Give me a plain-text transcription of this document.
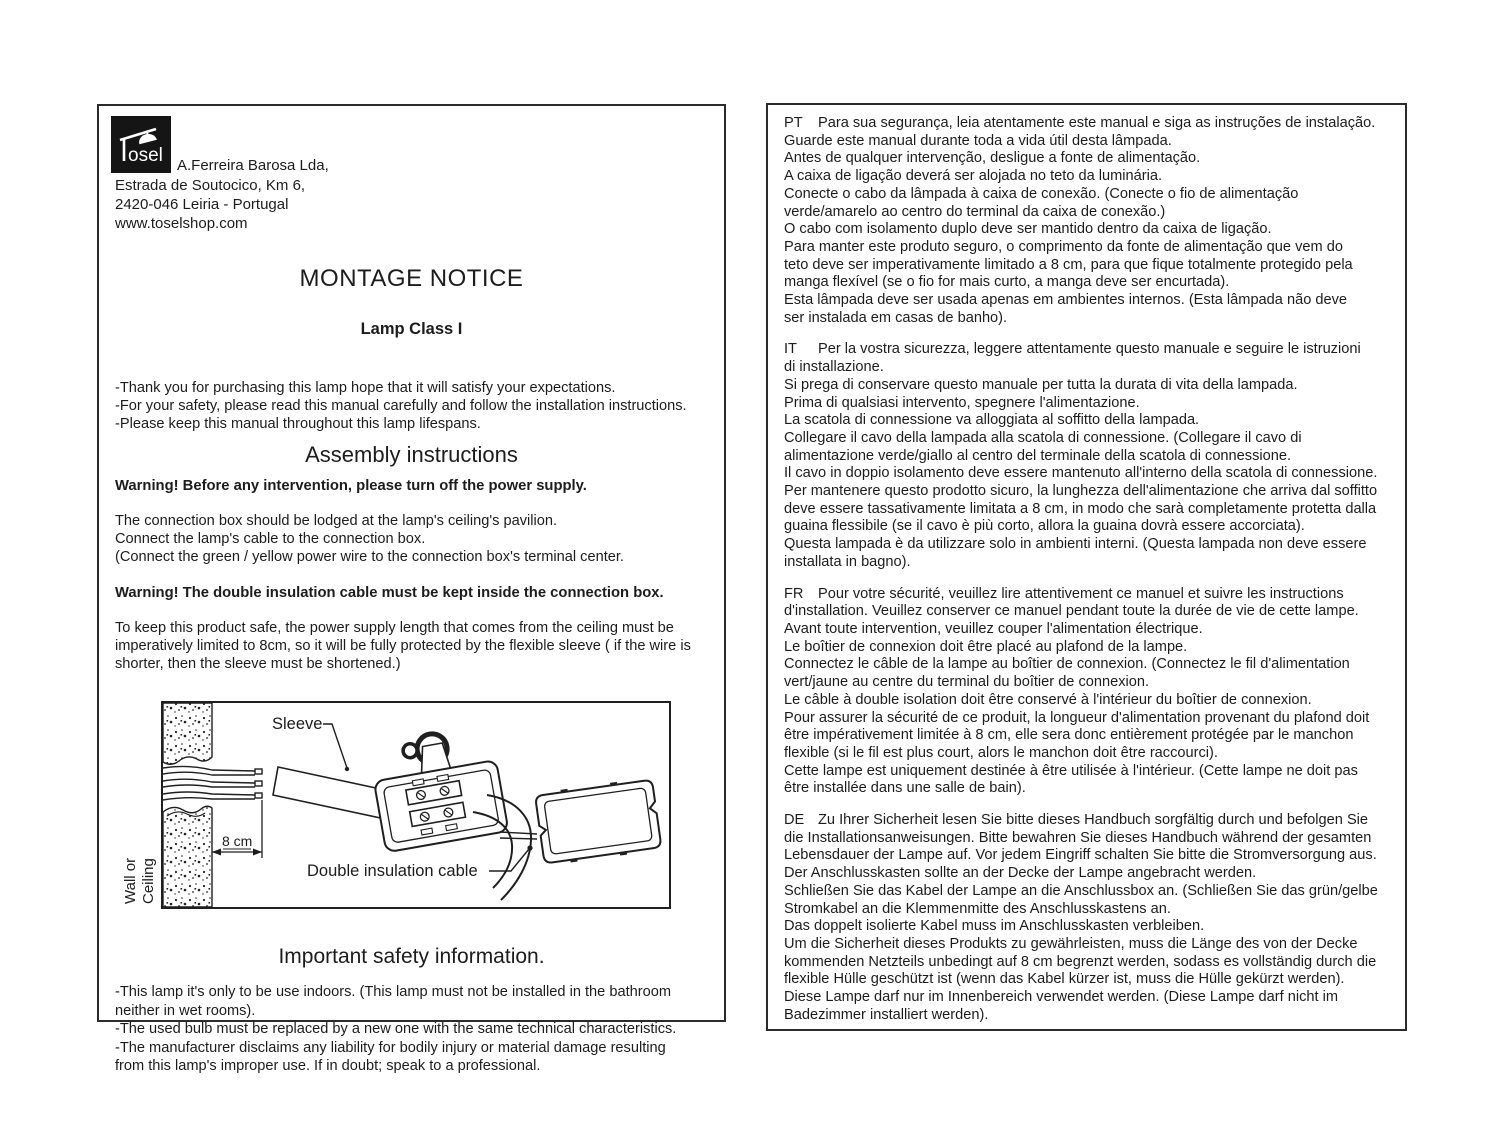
osel A.Ferreira Barosa Lda,
Estrada de Soutocico, Km 6,
2420-046 Leiria - Portugal
www.toselshop.com
MONTAGE NOTICE
Lamp Class I
-Thank you for purchasing this lamp hope that it will satisfy your expectations.
-For your safety, please read this manual carefully and follow the installation instructions.
-Please keep this manual throughout this lamp lifespans.
Assembly instructions
Warning! Before any intervention, please turn off the power supply.
The connection box should be lodged at the lamp's ceiling's pavilion.
Connect the lamp's cable to the connection box.
(Connect the green / yellow power wire to the connection box's terminal center.
Warning! The double insulation cable must be kept inside the connection box.
To keep this product safe, the power supply length that comes from the ceiling must be
imperatively limited to 8cm, so it will be fully protected by the flexible sleeve ( if the wire is
shorter, then the sleeve must be shortened.)
Wall or Ceiling
8 cm
Sleeve
Double insulation cable
Important safety information.
-This lamp it's only to be use indoors. (This lamp must not be installed in the bathroom
neither in wet rooms).
-The used bulb must be replaced by a new one with the same technical characteristics.
-The manufacturer disclaims any liability for bodily injury or material damage resulting
from this lamp's improper use. If in doubt; speak to a professional.
PT Para sua segurança, leia atentamente este manual e siga as instruções de instalação.
Guarde este manual durante toda a vida útil desta lâmpada.
Antes de qualquer intervenção, desligue a fonte de alimentação.
A caixa de ligação deverá ser alojada no teto da luminária.
Conecte o cabo da lâmpada à caixa de conexão. (Conecte o fio de alimentação
verde/amarelo ao centro do terminal da caixa de conexão.)
O cabo com isolamento duplo deve ser mantido dentro da caixa de ligação.
Para manter este produto seguro, o comprimento da fonte de alimentação que vem do
teto deve ser imperativamente limitado a 8 cm, para que fique totalmente protegido pela
manga flexível (se o fio for mais curto, a manga deve ser encurtada).
Esta lâmpada deve ser usada apenas em ambientes internos. (Esta lâmpada não deve
ser instalada em casas de banho).
IT Per la vostra sicurezza, leggere attentamente questo manuale e seguire le istruzioni
di installazione.
Si prega di conservare questo manuale per tutta la durata di vita della lampada.
Prima di qualsiasi intervento, spegnere l'alimentazione.
La scatola di connessione va alloggiata al soffitto della lampada.
Collegare il cavo della lampada alla scatola di connessione. (Collegare il cavo di
alimentazione verde/giallo al centro del terminale della scatola di connessione.
Il cavo in doppio isolamento deve essere mantenuto all'interno della scatola di connessione.
Per mantenere questo prodotto sicuro, la lunghezza dell'alimentazione che arriva dal soffitto
deve essere tassativamente limitata a 8 cm, in modo che sarà completamente protetta dalla
guaina flessibile (se il cavo è più corto, allora la guaina dovrà essere accorciata).
Questa lampada è da utilizzare solo in ambienti interni. (Questa lampada non deve essere
installata in bagno).
FR Pour votre sécurité, veuillez lire attentivement ce manuel et suivre les instructions
d'installation. Veuillez conserver ce manuel pendant toute la durée de vie de cette lampe.
Avant toute intervention, veuillez couper l'alimentation électrique.
Le boîtier de connexion doit être placé au plafond de la lampe.
Connectez le câble de la lampe au boîtier de connexion. (Connectez le fil d'alimentation
vert/jaune au centre du terminal du boîtier de connexion.
Le câble à double isolation doit être conservé à l'intérieur du boîtier de connexion.
Pour assurer la sécurité de ce produit, la longueur d'alimentation provenant du plafond doit
être impérativement limitée à 8 cm, elle sera donc entièrement protégée par le manchon
flexible (si le fil est plus court, alors le manchon doit être raccourci).
Cette lampe est uniquement destinée à être utilisée à l'intérieur. (Cette lampe ne doit pas
être installée dans une salle de bain).
DE Zu Ihrer Sicherheit lesen Sie bitte dieses Handbuch sorgfältig durch und befolgen Sie
die Installationsanweisungen. Bitte bewahren Sie dieses Handbuch während der gesamten
Lebensdauer der Lampe auf. Vor jedem Eingriff schalten Sie bitte die Stromversorgung aus.
Der Anschlusskasten sollte an der Decke der Lampe angebracht werden.
Schließen Sie das Kabel der Lampe an die Anschlussbox an. (Schließen Sie das grün/gelbe
Stromkabel an die Klemmenmitte des Anschlusskastens an.
Das doppelt isolierte Kabel muss im Anschlusskasten verbleiben.
Um die Sicherheit dieses Produkts zu gewährleisten, muss die Länge des von der Decke
kommenden Netzteils unbedingt auf 8 cm begrenzt werden, sodass es vollständig durch die
flexible Hülle geschützt ist (wenn das Kabel kürzer ist, muss die Hülle gekürzt werden).
Diese Lampe darf nur im Innenbereich verwendet werden. (Diese Lampe darf nicht im
Badezimmer installiert werden).
